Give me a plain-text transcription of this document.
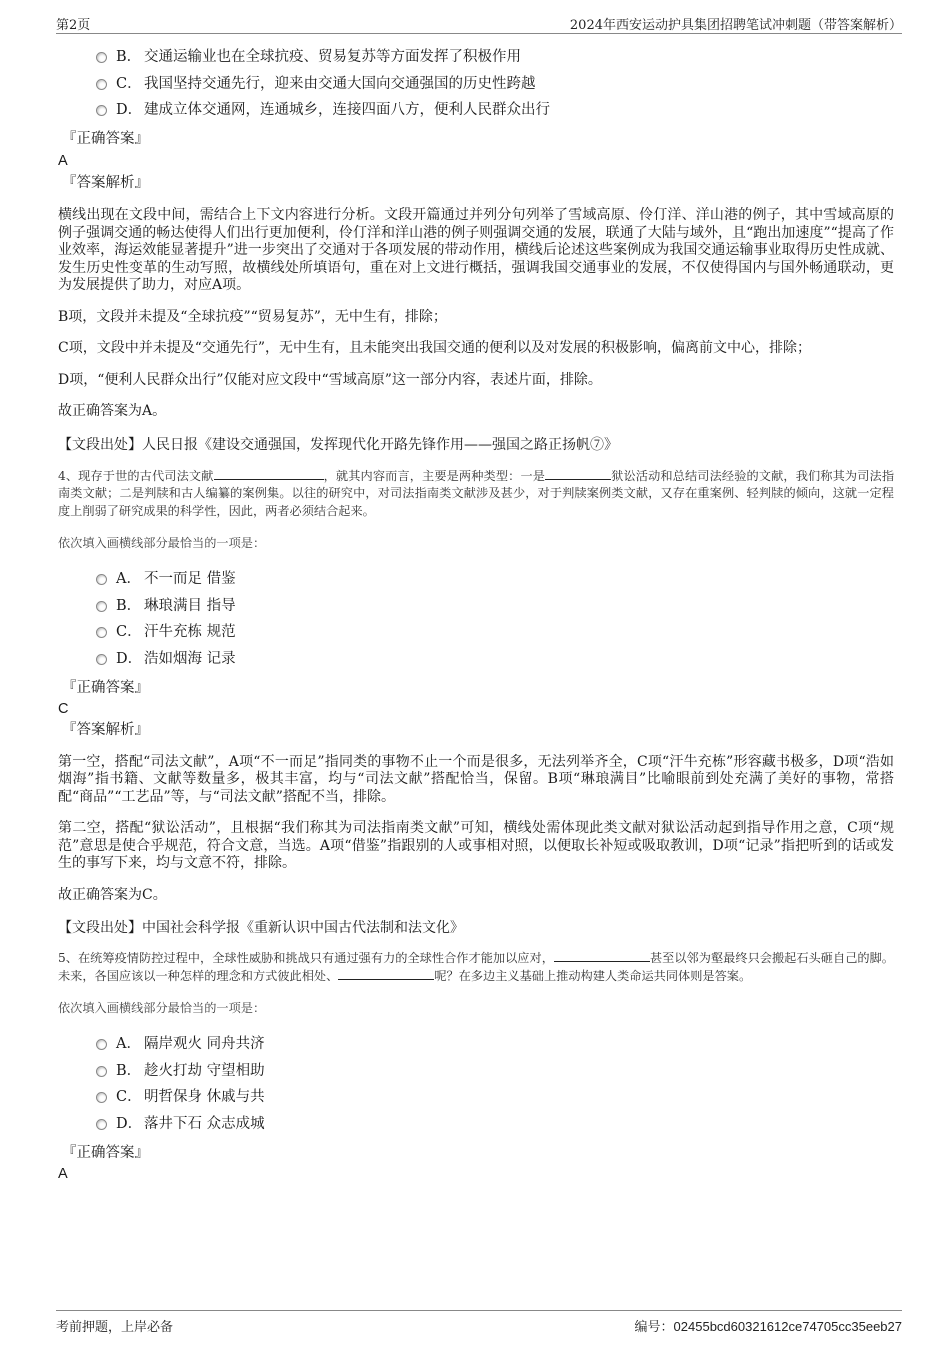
第2页	2024年西安运动护具集团招聘笔试冲刺题（带答案解析）
B． 交通运输业也在全球抗疫、贸易复苏等方面发挥了积极作用
C． 我国坚持交通先行，迎来由交通大国向交通强国的历史性跨越
D． 建成立体交通网，连通城乡，连接四面八方，便利人民群众出行
『正确答案』
A
『答案解析』

横线出现在文段中间，需结合上下文内容进行分析。文段开篇通过并列分句列举了雪域高原、伶仃洋、洋山港的例子，其中雪域高原的例子强调交通的畅达使得人们出行更加便利，伶仃洋和洋山港的例子则强调交通的发展，联通了大陆与域外，且“跑出加速度”“提高了作业效率，海运效能显著提升”进一步突出了交通对于各项发展的带动作用，横线后论述这些案例成为我国交通运输事业取得历史性成就、发生历史性变革的生动写照，故横线处所填语句，重在对上文进行概括，强调我国交通事业的发展，不仅使得国内与国外畅通联动，更为发展提供了助力，对应A项。

B项，文段并未提及“全球抗疫”“贸易复苏”，无中生有，排除；

C项，文段中并未提及“交通先行”，无中生有，且未能突出我国交通的便利以及对发展的积极影响，偏离前文中心，排除；

D项，“便利人民群众出行”仅能对应文段中“雪域高原”这一部分内容，表述片面，排除。

故正确答案为A。

【文段出处】人民日报《建设交通强国，发挥现代化开路先锋作用——强国之路正扬帆⑦》

4、现存于世的古代司法文献	，就其内容而言，主要是两种类型：一是	狱讼活动和总结司法经验的文献，我们称其为司法指南类文献；二是判牍和古人编纂的案例集。以往的研究中，对司法指南类文献涉及甚少，对于判牍案例类文献，又存在重案例、轻判牍的倾向，这就一定程度上削弱了研究成果的科学性，因此，两者必须结合起来。

依次填入画横线部分最恰当的一项是：

A． 不一而足 借鉴
B． 琳琅满目 指导
C． 汗牛充栋 规范
D． 浩如烟海 记录
『正确答案』
C
『答案解析』

第一空，搭配“司法文献”，A项“不一而足”指同类的事物不止一个而是很多，无法列举齐全，C项“汗牛充栋”形容藏书极多，D项“浩如烟海”指书籍、文献等数量多，极其丰富，均与“司法文献”搭配恰当，保留。B项“琳琅满目”比喻眼前到处充满了美好的事物，常搭配“商品”“工艺品”等，与“司法文献”搭配不当，排除。

第二空，搭配“狱讼活动”，且根据“我们称其为司法指南类文献”可知，横线处需体现此类文献对狱讼活动起到指导作用之意，C项“规范”意思是使合乎规范，符合文意，当选。A项“借鉴”指跟别的人或事相对照，以便取长补短或吸取教训，D项“记录”指把听到的话或发生的事写下来，均与文意不符，排除。

故正确答案为C。

【文段出处】中国社会科学报《重新认识中国古代法制和法文化》

5、在统筹疫情防控过程中，全球性威胁和挑战只有通过强有力的全球性合作才能加以应对，	甚至以邻为壑最终只会搬起石头砸自己的脚。未来，各国应该以一种怎样的理念和方式彼此相处、	呢？在多边主义基础上推动构建人类命运共同体则是答案。

依次填入画横线部分最恰当的一项是：

A． 隔岸观火 同舟共济
B． 趁火打劫 守望相助
C． 明哲保身 休戚与共
D． 落井下石 众志成城
『正确答案』
A
考前押题，上岸必备	编号：02455bcd60321612ce74705cc35eeb27
